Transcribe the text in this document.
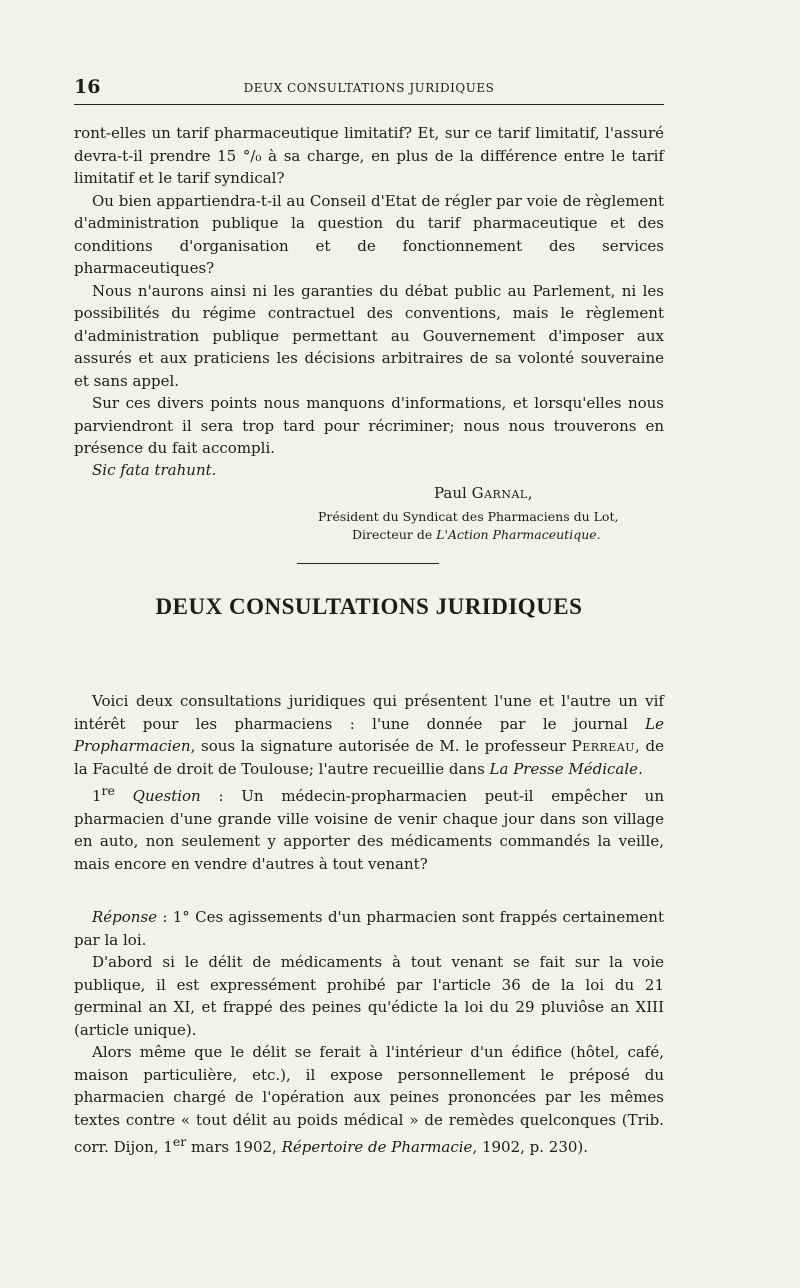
16	DEUX CONSULTATIONS JURIDIQUES

ront-elles un tarif pharmaceutique limitatif? Et, sur ce tarif limitatif, l'assuré devra-t-il prendre 15 °/₀ à sa charge, en plus de la différence entre le tarif limitatif et le tarif syndical?

Ou bien appartiendra-t-il au Conseil d'Etat de régler par voie de règlement d'administration publique la question du tarif pharmaceutique et des conditions d'organisation et de fonctionnement des services pharmaceutiques?

Nous n'aurons ainsi ni les garanties du débat public au Parlement, ni les possibilités du régime contractuel des conventions, mais le règlement d'administration publique permettant au Gouvernement d'imposer aux assurés et aux praticiens les décisions arbitraires de sa volonté souveraine et sans appel.

Sur ces divers points nous manquons d'informations, et lorsqu'elles nous parviendront il sera trop tard pour récriminer; nous nous trouverons en présence du fait accompli.

Sic fata trahunt.
Paul Garnal,
Président du Syndicat des Pharmaciens du Lot,
Directeur de L'Action Pharmaceutique.
DEUX CONSULTATIONS JURIDIQUES

Voici deux consultations juridiques qui présentent l'une et l'autre un vif intérêt pour les pharmaciens : l'une donnée par le journal Le Propharmacien, sous la signature autorisée de M. le professeur Perreau, de la Faculté de droit de Toulouse; l'autre recueillie dans La Presse Médicale.

1re Question : Un médecin-propharmacien peut-il empêcher un pharmacien d'une grande ville voisine de venir chaque jour dans son village en auto, non seulement y apporter des médicaments commandés la veille, mais encore en vendre d'autres à tout venant?

Réponse : 1° Ces agissements d'un pharmacien sont frappés certainement par la loi.

D'abord si le délit de médicaments à tout venant se fait sur la voie publique, il est expressément prohibé par l'article 36 de la loi du 21 germinal an XI, et frappé des peines qu'édicte la loi du 29 pluviôse an XIII (article unique).

Alors même que le délit se ferait à l'intérieur d'un édifice (hôtel, café, maison particulière, etc.), il expose personnellement le préposé du pharmacien chargé de l'opération aux peines prononcées par les mêmes textes contre « tout délit au poids médical » de remèdes quelconques (Trib. corr. Dijon, 1er mars 1902, Répertoire de Pharmacie, 1902, p. 230).
